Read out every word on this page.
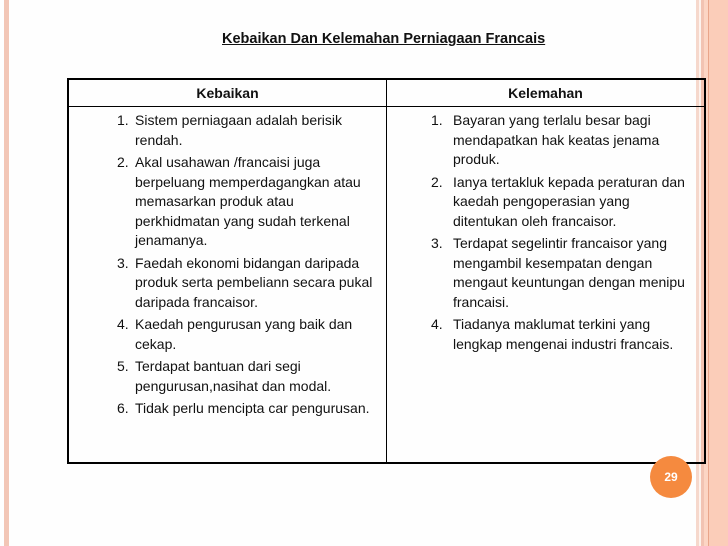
Kebaikan Dan Kelemahan Perniagaan Francais
Kebaikan	Kelemahan

1. Sistem perniagaan adalah berisik rendah.
2. Akal usahawan /francaisi juga berpeluang memperdagangkan atau memasarkan produk atau perkhidmatan yang sudah terkenal jenamanya.
3. Faedah ekonomi bidangan daripada produk serta pembeliann secara pukal daripada francaisor.
4. Kaedah pengurusan yang baik dan cekap.
5. Terdapat bantuan dari segi pengurusan,nasihat dan modal.
6. Tidak perlu mencipta car pengurusan.

1. Bayaran yang terlalu besar bagi mendapatkan hak keatas jenama produk.
2. Ianya tertakluk kepada peraturan dan kaedah pengoperasian yang ditentukan oleh francaisor.
3. Terdapat segelintir francaisor yang mengambil kesempatan dengan mengaut keuntungan dengan menipu francaisi.
4. Tiadanya maklumat terkini yang lengkap mengenai industri francais.
29
